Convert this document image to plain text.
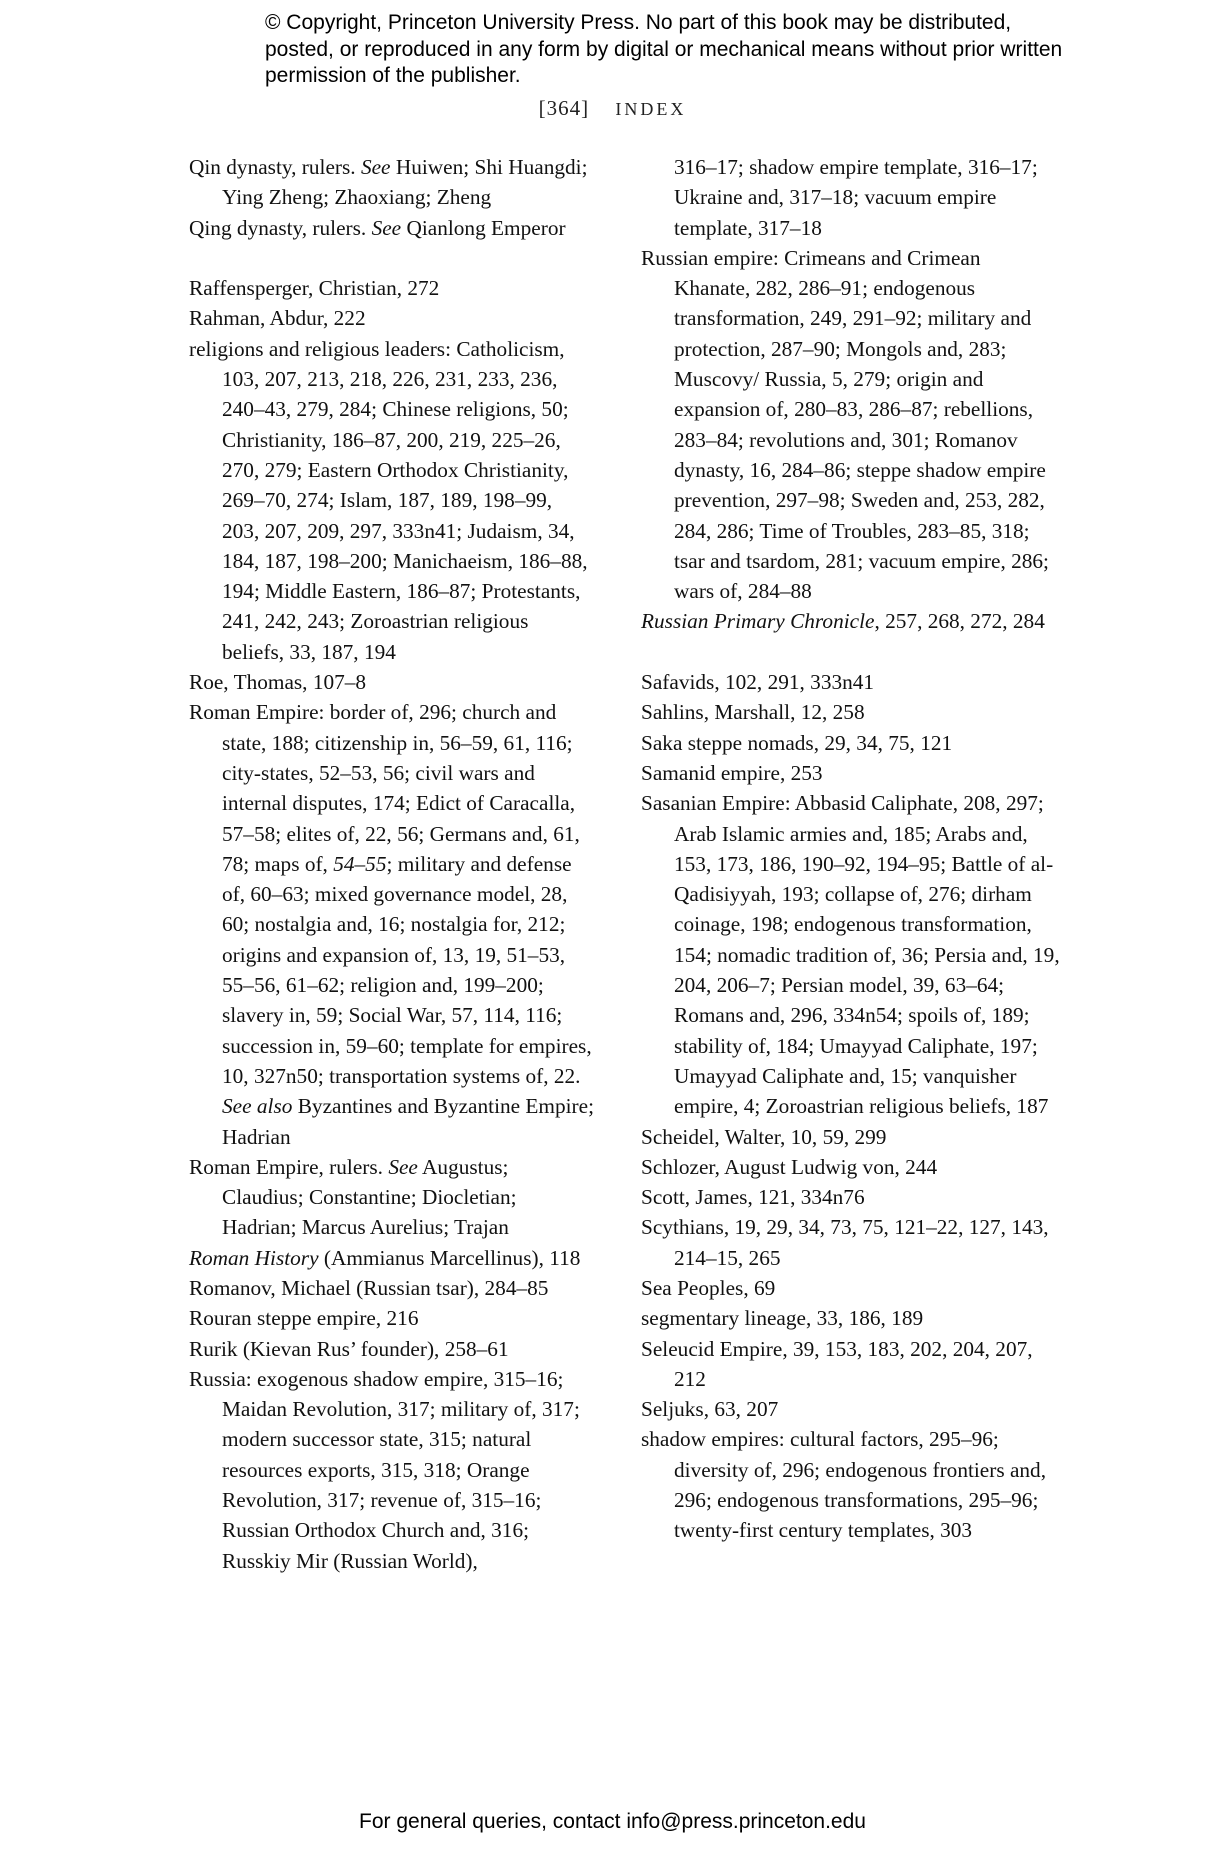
© Copyright, Princeton University Press. No part of this book may be distributed, posted, or reproduced in any form by digital or mechanical means without prior written permission of the publisher.
[364] INDEX
Qin dynasty, rulers. See Huiwen; Shi Huangdi; Ying Zheng; Zhaoxiang; Zheng
Qing dynasty, rulers. See Qianlong Emperor
Raffensperger, Christian, 272
Rahman, Abdur, 222
religions and religious leaders: Catholicism, 103, 207, 213, 218, 226, 231, 233, 236, 240–43, 279, 284; Chinese religions, 50; Christianity, 186–87, 200, 219, 225–26, 270, 279; Eastern Orthodox Christianity, 269–70, 274; Islam, 187, 189, 198–99, 203, 207, 209, 297, 333n41; Judaism, 34, 184, 187, 198–200; Manichaeism, 186–88, 194; Middle Eastern, 186–87; Protestants, 241, 242, 243; Zoroastrian religious beliefs, 33, 187, 194
Roe, Thomas, 107–8
Roman Empire: border of, 296; church and state, 188; citizenship in, 56–59, 61, 116; city-states, 52–53, 56; civil wars and internal disputes, 174; Edict of Caracalla, 57–58; elites of, 22, 56; Germans and, 61, 78; maps of, 54–55; military and defense of, 60–63; mixed governance model, 28, 60; nostalgia and, 16; nostalgia for, 212; origins and expansion of, 13, 19, 51–53, 55–56, 61–62; religion and, 199–200; slavery in, 59; Social War, 57, 114, 116; succession in, 59–60; template for empires, 10, 327n50; transportation systems of, 22. See also Byzantines and Byzantine Empire; Hadrian
Roman Empire, rulers. See Augustus; Claudius; Constantine; Diocletian; Hadrian; Marcus Aurelius; Trajan
Roman History (Ammianus Marcellinus), 118
Romanov, Michael (Russian tsar), 284–85
Rouran steppe empire, 216
Rurik (Kievan Rus’ founder), 258–61
Russia: exogenous shadow empire, 315–16; Maidan Revolution, 317; military of, 317; modern successor state, 315; natural resources exports, 315, 318; Orange Revolution, 317; revenue of, 315–16; Russian Orthodox Church and, 316; Russkiy Mir (Russian World),
316–17; shadow empire template, 316–17; Ukraine and, 317–18; vacuum empire template, 317–18
Russian empire: Crimeans and Crimean Khanate, 282, 286–91; endogenous transformation, 249, 291–92; military and protection, 287–90; Mongols and, 283; Muscovy/ Russia, 5, 279; origin and expansion of, 280–83, 286–87; rebellions, 283–84; revolutions and, 301; Romanov dynasty, 16, 284–86; steppe shadow empire prevention, 297–98; Sweden and, 253, 282, 284, 286; Time of Troubles, 283–85, 318; tsar and tsardom, 281; vacuum empire, 286; wars of, 284–88
Russian Primary Chronicle, 257, 268, 272, 284
Safavids, 102, 291, 333n41
Sahlins, Marshall, 12, 258
Saka steppe nomads, 29, 34, 75, 121
Samanid empire, 253
Sasanian Empire: Abbasid Caliphate, 208, 297; Arab Islamic armies and, 185; Arabs and, 153, 173, 186, 190–92, 194–95; Battle of al-Qadisiyyah, 193; collapse of, 276; dirham coinage, 198; endogenous transformation, 154; nomadic tradition of, 36; Persia and, 19, 204, 206–7; Persian model, 39, 63–64; Romans and, 296, 334n54; spoils of, 189; stability of, 184; Umayyad Caliphate, 197; Umayyad Caliphate and, 15; vanquisher empire, 4; Zoroastrian religious beliefs, 187
Scheidel, Walter, 10, 59, 299
Schlozer, August Ludwig von, 244
Scott, James, 121, 334n76
Scythians, 19, 29, 34, 73, 75, 121–22, 127, 143, 214–15, 265
Sea Peoples, 69
segmentary lineage, 33, 186, 189
Seleucid Empire, 39, 153, 183, 202, 204, 207, 212
Seljuks, 63, 207
shadow empires: cultural factors, 295–96; diversity of, 296; endogenous frontiers and, 296; endogenous transformations, 295–96; twenty-first century templates, 303
For general queries, contact info@press.princeton.edu
